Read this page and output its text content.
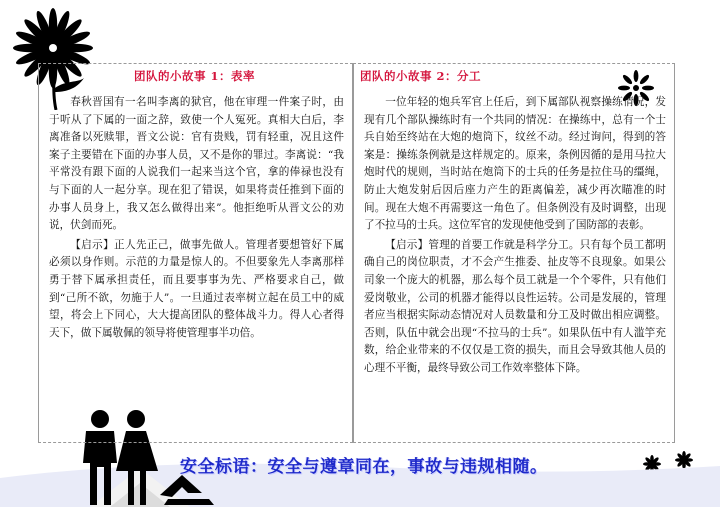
团队的小故事 1：表率

春秋晋国有一名叫李离的狱官，他在审理一件案子时，由于听从了下属的一面之辞，致使一个人冤死。真相大白后，李离准备以死赎罪，晋文公说：官有贵贱，罚有轻重，况且这件案子主要错在下面的办事人员，又不是你的罪过。李离说：“我平常没有跟下面的人说我们一起来当这个官，拿的俸禄也没有与下面的人一起分享。现在犯了错误，如果将责任推到下面的办事人员身上，我又怎么做得出来”。他拒绝听从晋文公的劝说，伏剑而死。

【启示】正人先正己，做事先做人。管理者要想管好下属必须以身作则。示范的力量是惊人的。不但要象先人李离那样勇于替下属承担责任，而且要事事为先、严格要求自己，做到“己所不欲，勿施于人”。一旦通过表率树立起在员工中的威望，将会上下同心，大大提高团队的整体战斗力。得人心者得天下，做下属敬佩的领导将使管理事半功倍。

团队的小故事 2：分工

一位年轻的炮兵军官上任后，到下属部队视察操练情况，发现有几个部队操练时有一个共同的情况：在操练中，总有一个士兵自始至终站在大炮的炮筒下，纹丝不动。经过询问，得到的答案是：操练条例就是这样规定的。原来，条例因循的是用马拉大炮时代的规则，当时站在炮筒下的士兵的任务是拉住马的缰绳，防止大炮发射后因后座力产生的距离偏差，减少再次瞄准的时间。现在大炮不再需要这一角色了。但条例没有及时调整，出现了不拉马的士兵。这位军官的发现使他受到了国防部的表彰。

【启示】管理的首要工作就是科学分工。只有每个员工都明确自己的岗位职责，才不会产生推委、扯皮等不良现象。如果公司象一个庞大的机器，那么每个员工就是一个个零件，只有他们爱岗敬业，公司的机器才能得以良性运转。公司是发展的，管理者应当根据实际动态情况对人员数量和分工及时做出相应调整。否则，队伍中就会出现“不拉马的士兵”。如果队伍中有人滥竽充数，给企业带来的不仅仅是工资的损失，而且会导致其他人员的心理不平衡，最终导致公司工作效率整体下降。

安全标语：安全与遵章同在，事故与违规相随。
